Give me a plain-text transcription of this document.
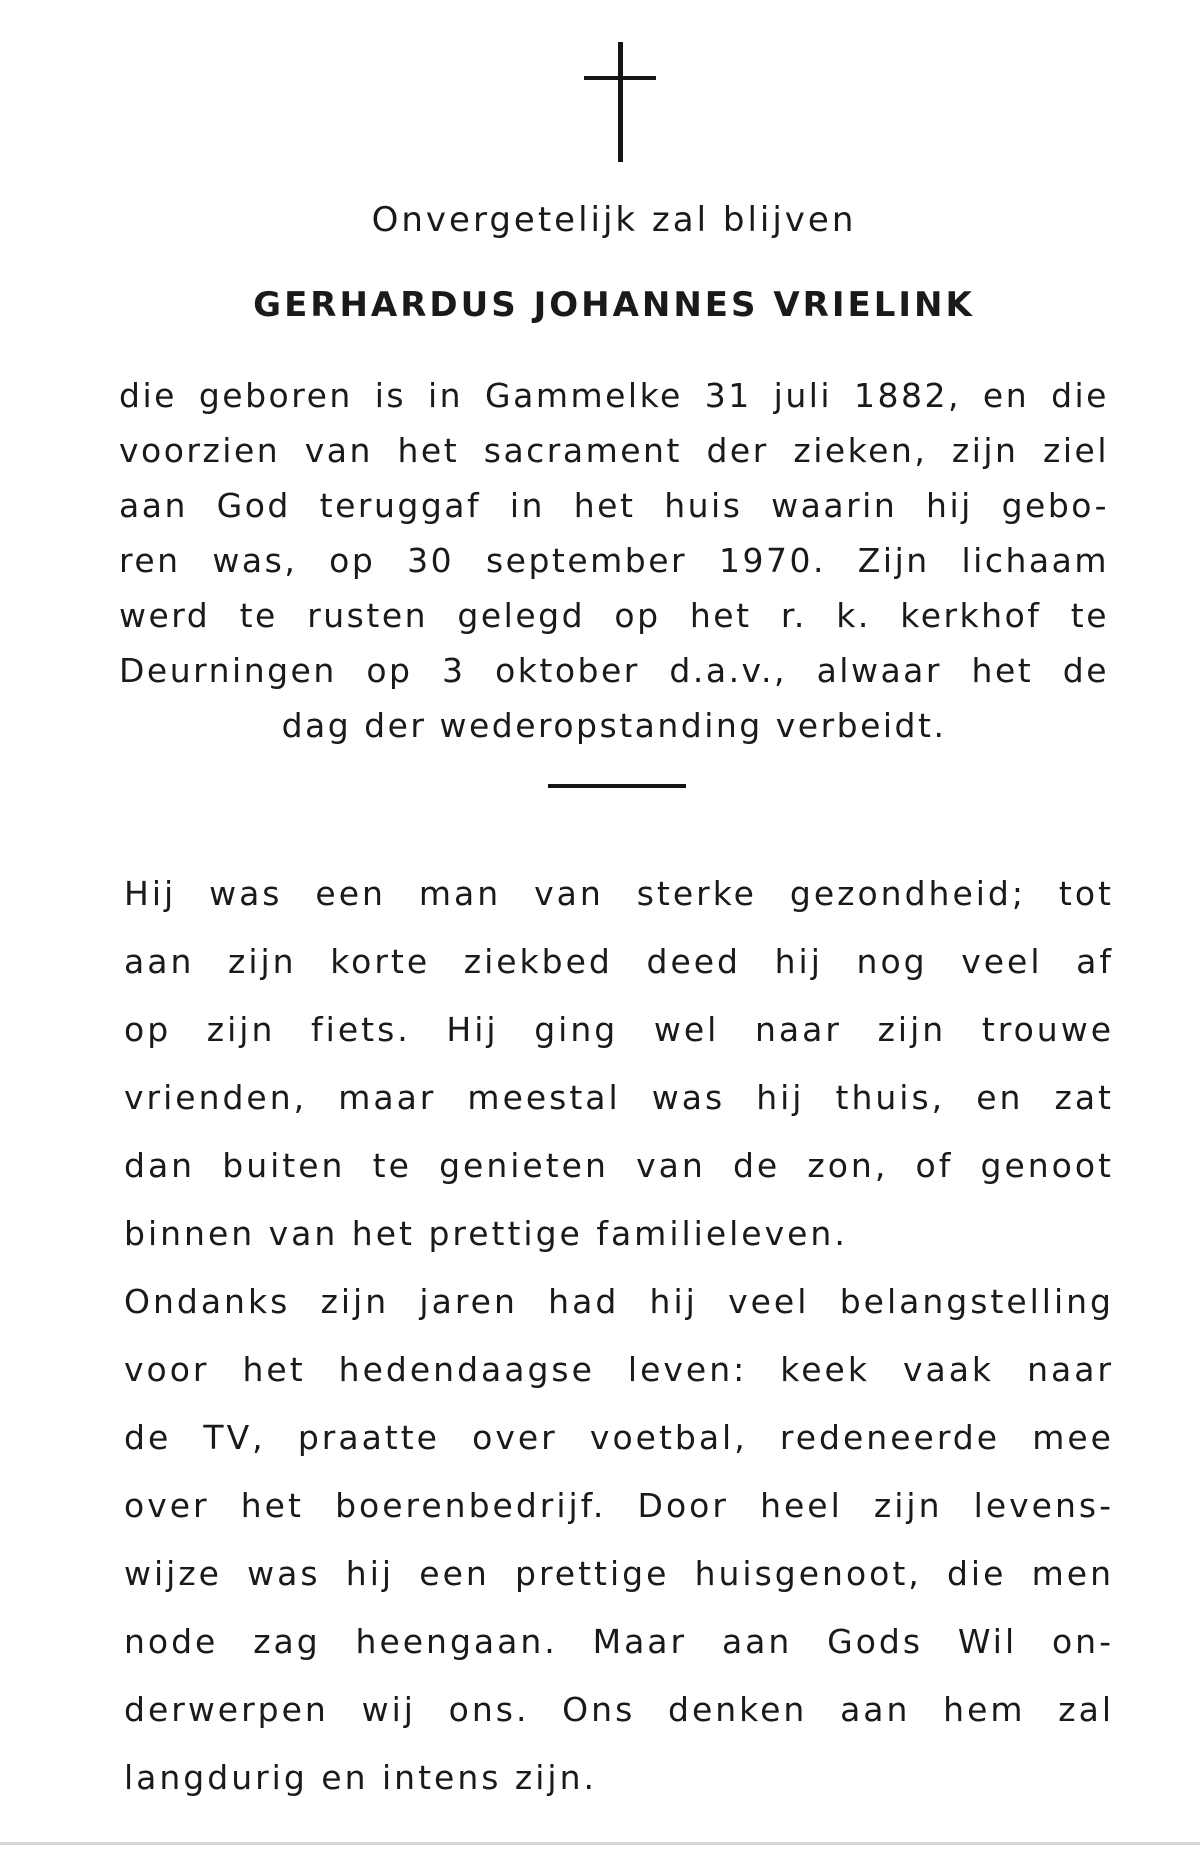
Onvergetelijk zal blijven
GERHARDUS JOHANNES VRIELINK
die geboren is in Gammelke 31 juli 1882, en die
voorzien van het sacrament der zieken, zijn ziel
aan God teruggaf in het huis waarin hij gebo-
ren was, op 30 september 1970. Zijn lichaam
werd te rusten gelegd op het r. k. kerkhof te
Deurningen op 3 oktober d.a.v., alwaar het de
dag der wederopstanding verbeidt.
Hij was een man van sterke gezondheid; tot
aan zijn korte ziekbed deed hij nog veel af
op zijn fiets. Hij ging wel naar zijn trouwe
vrienden, maar meestal was hij thuis, en zat
dan buiten te genieten van de zon, of genoot
binnen van het prettige familieleven.
Ondanks zijn jaren had hij veel belangstelling
voor het hedendaagse leven: keek vaak naar
de TV, praatte over voetbal, redeneerde mee
over het boerenbedrijf. Door heel zijn levens-
wijze was hij een prettige huisgenoot, die men
node zag heengaan. Maar aan Gods Wil on-
derwerpen wij ons. Ons denken aan hem zal
langdurig en intens zijn.
